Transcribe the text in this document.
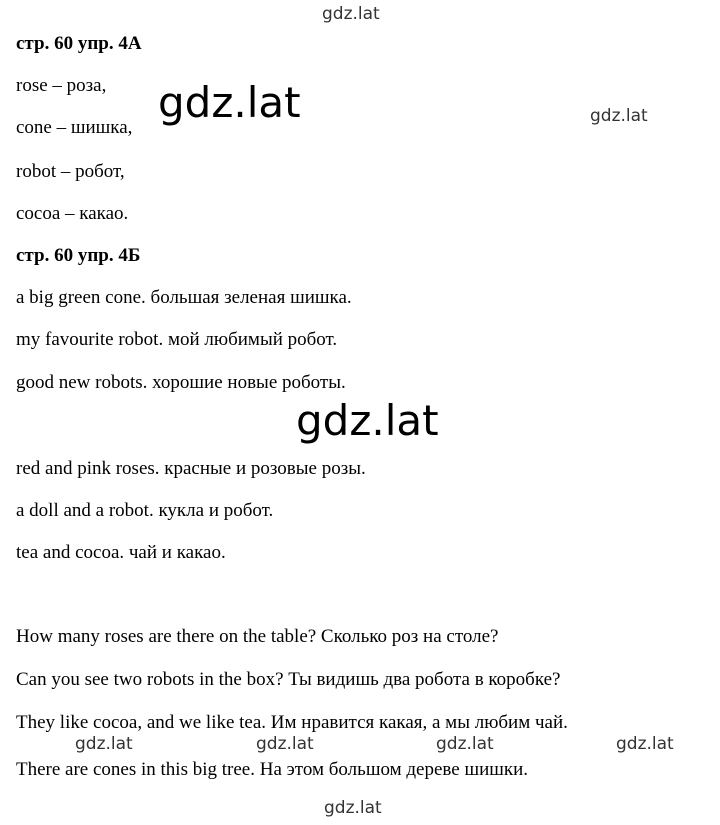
стр. 60 упр. 4А

rose – роза,

cone – шишка,

robot – робот,

cocoa – какао.

стр. 60 упр. 4Б

a big green cone. большая зеленая шишка.

my favourite robot. мой любимый робот.

good new robots. хорошие новые роботы.

red and pink roses. красные и розовые розы.

a doll and a robot. кукла и робот.

tea and cocoa. чай и какао.

How many roses are there on the table? Сколько роз на столе?

Can you see two robots in the box? Ты видишь два робота в коробке?

They like cocoa, and we like tea. Им нравится какая, а мы любим чай.

There are cones in this big tree. На этом большом дереве шишки.

gdz.lat
gdz.lat	gdz.lat
gdz.lat
gdz.lat	gdz.lat	gdz.lat	gdz.lat
gdz.lat
